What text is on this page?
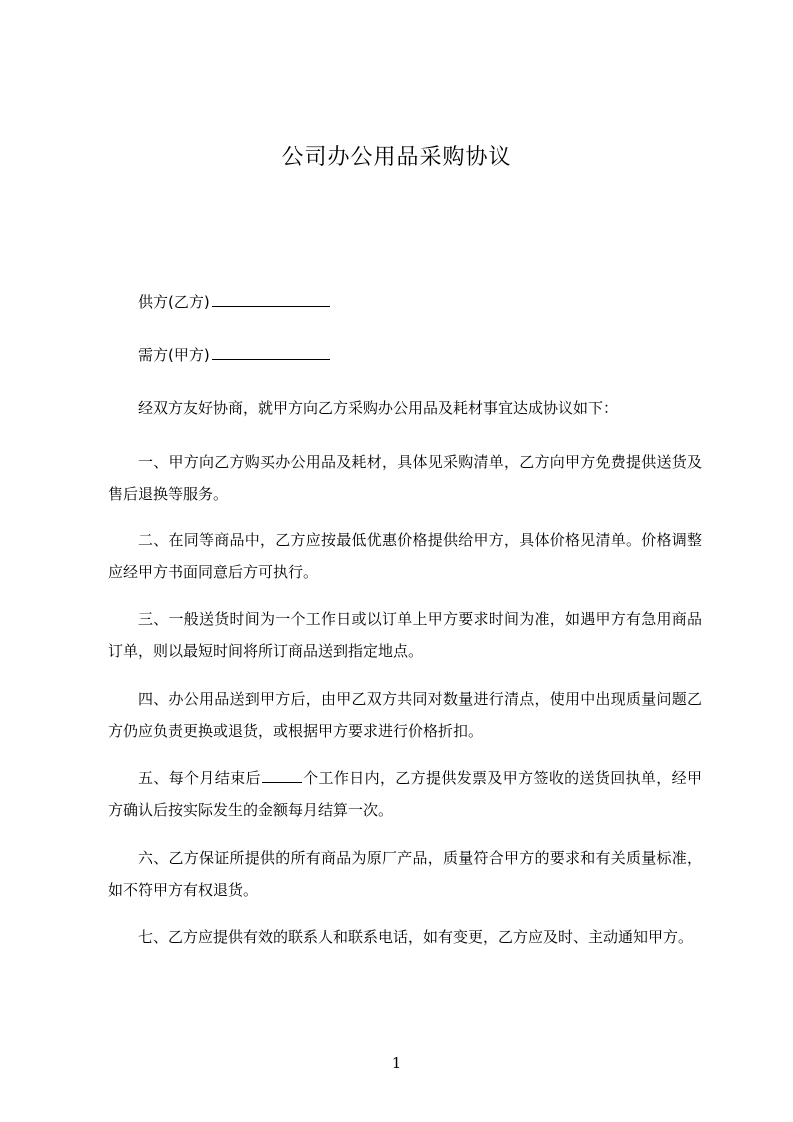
公司办公用品采购协议
供方(乙方)
需方(甲方)
经双方友好协商，就甲方向乙方采购办公用品及耗材事宜达成协议如下：
一、甲方向乙方购买办公用品及耗材，具体见采购清单，乙方向甲方免费提供送货及售后退换等服务。
二、在同等商品中，乙方应按最低优惠价格提供给甲方，具体价格见清单。价格调整应经甲方书面同意后方可执行。
三、一般送货时间为一个工作日或以订单上甲方要求时间为准，如遇甲方有急用商品订单，则以最短时间将所订商品送到指定地点。
四、办公用品送到甲方后，由甲乙双方共同对数量进行清点，使用中出现质量问题乙方仍应负责更换或退货，或根据甲方要求进行价格折扣。
五、每个月结束后	个工作日内，乙方提供发票及甲方签收的送货回执单，经甲方确认后按实际发生的金额每月结算一次。
六、乙方保证所提供的所有商品为原厂产品，质量符合甲方的要求和有关质量标准，如不符甲方有权退货。
七、乙方应提供有效的联系人和联系电话，如有变更，乙方应及时、主动通知甲方。
1
